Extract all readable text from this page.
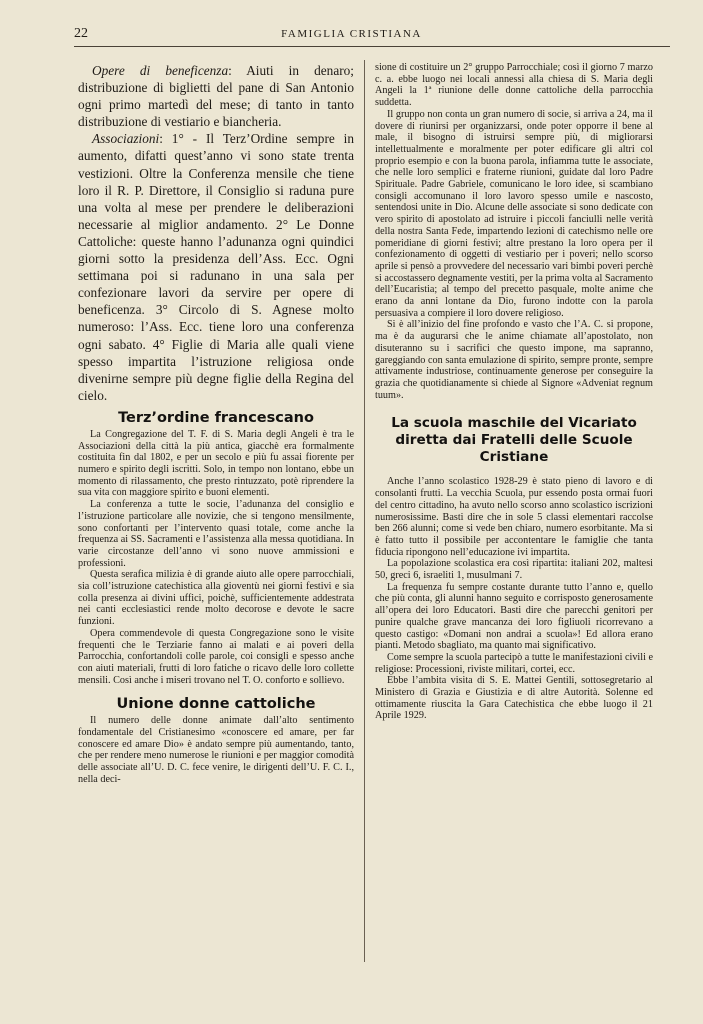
22	FAMIGLIA CRISTIANA

Opere di beneficenza: Aiuti in denaro; distribuzione di biglietti del pane di San Antonio ogni primo martedì del mese; di tanto in tanto distribuzione di vestiario e biancheria.

Associazioni: 1° - Il Terz’Ordine sempre in aumento, difatti quest’anno vi sono state trenta vestizioni. Oltre la Conferenza mensile che tiene loro il R. P. Direttore, il Consiglio si raduna pure una volta al mese per prendere le deliberazioni necessarie al miglior andamento. 2° Le Donne Cattoliche: queste hanno l’adunanza ogni quindici giorni sotto la presidenza dell’Ass. Ecc. Ogni settimana poi si radunano in una sala per confezionare lavori da servire per opere di beneficenza. 3° Circolo di S. Agnese molto numeroso: l’Ass. Ecc. tiene loro una conferenza ogni sabato. 4° Figlie di Maria alle quali viene spesso impartita l’istruzione religiosa onde divenirne sempre più degne figlie della Regina del cielo.

Terz’ordine francescano

La Congregazione del T. F. di S. Maria degli Angeli è tra le Associazioni della città la più antica, giacchè era formalmente costituita fin dal 1802, e per un secolo e più fu assai fiorente per numero e spirito degli iscritti. Solo, in tempo non lontano, ebbe un momento di rilassamento, che presto rintuzzato, potè riprendere la sua vita con maggiore spirito e buoni elementi.

La conferenza a tutte le socie, l’adunanza del consiglio e l’istruzione particolare alle novizie, che si tengono mensilmente, sono confortanti per l’intervento quasi totale, come anche la frequenza ai SS. Sacramenti e l’assistenza alla messa quotidiana. In varie circostanze dell’anno vi sono nuove ammissioni e professioni.

Questa serafica milizia è di grande aiuto alle opere parrocchiali, sia coll’istruzione catechistica alla gioventù nei giorni festivi e sia colla presenza ai divini uffici, poichè, sufficientemente addestrata nei canti ecclesiastici rende molto decorose e devote le sacre funzioni.

Opera commendevole di questa Congregazione sono le visite frequenti che le Terziarie fanno ai malati e ai poveri della Parrocchia, confortandoli colle parole, coi consigli e spesso anche con aiuti materiali, frutti di loro fatiche o ricavo delle loro collette mensili. Così anche i miseri trovano nel T. O. conforto e sollievo.

Unione donne cattoliche

Il numero delle donne animate dall’alto sentimento fondamentale del Cristianesimo «conoscere ed amare, per far conoscere ed amare Dio» è andato sempre più aumentando, tanto, che per rendere meno numerose le riunioni e per maggior comodità delle associate all’U. D. C. fece venire, le dirigenti dell’U. F. C. I., nella deci-

sione di costituire un 2° gruppo Parrocchiale; così il giorno 7 marzo c. a. ebbe luogo nei locali annessi alla chiesa di S. Maria degli Angeli la 1ª riunione delle donne cattoliche della parrocchia suddetta.

Il gruppo non conta un gran numero di socie, si arriva a 24, ma il dovere di riunirsi per organizzarsi, onde poter opporre il bene al male, il bisogno di istruirsi sempre più, di migliorarsi intellettualmente e moralmente per poter edificare gli altri col proprio esempio e con la buona parola, infiamma tutte le associate, che nelle loro semplici e fraterne riunioni, guidate dal loro Padre Spirituale. Padre Gabriele, comunicano le loro idee, si scambiano consigli accomunano il loro lavoro spesso umile e nascosto, sentendosi unite in Dio. Alcune delle associate si sono dedicate con vero spirito di apostolato ad istruire i piccoli fanciulli nelle verità della nostra Santa Fede, impartendo lezioni di catechismo nelle ore pomeridiane di giorni festivi; altre prestano la loro opera per il confezionamento di oggetti di vestiario per i poveri; nello scorso aprile si pensò a provvedere del necessario vari bimbi poveri perchè si accostassero degnamente vestiti, per la prima volta al Sacramento dell’Eucaristia; al tempo del precetto pasquale, molte anime che erano da anni lontane da Dio, furono indotte con la parola persuasiva a compiere il loro dovere religioso.

Si è all’inizio del fine profondo e vasto che l’A. C. si propone, ma è da augurarsi che le anime chiamate all’apostolato, non disuteranno su i sacrifici che questo impone, ma sapranno, gareggiando con santa emulazione di spirito, sempre pronte, sempre attivamente industriose, continuamente generose per conseguire la grazia che quotidianamente si chiede al Signore «Adveniat regnum tuum».

La scuola maschile del Vicariato diretta dai Fratelli delle Scuole Cristiane

Anche l’anno scolastico 1928-29 è stato pieno di lavoro e di consolanti frutti. La vecchia Scuola, pur essendo posta ormai fuori del centro cittadino, ha avuto nello scorso anno scolastico iscrizioni numerosissime. Basti dire che in sole 5 classi elementari raccolse ben 266 alunni; come si vede ben chiaro, numero esorbitante. Ma si è fatto tutto il possibile per accontentare le famiglie che tanta fiducia ripongono nell’educazione ivi impartita.

La popolazione scolastica era così ripartita: italiani 202, maltesi 50, greci 6, israeliti 1, musulmani 7.

La frequenza fu sempre costante durante tutto l’anno e, quello che più conta, gli alunni hanno seguito e corrisposto generosamente all’opera dei loro Educatori. Basti dire che parecchi genitori per punire qualche grave mancanza dei loro figliuoli ricorrevano a questo castigo: «Domani non andrai a scuola»! Ed allora erano pianti. Metodo sbagliato, ma quanto mai significativo.

Come sempre la scuola partecipò a tutte le manifestazioni civili e religiose: Processioni, riviste militari, cortei, ecc.

Ebbe l’ambita visita di S. E. Mattei Gentili, sottosegretario al Ministero di Grazia e Giustizia e di altre Autorità. Solenne ed ottimamente riuscita la Gara Catechistica che ebbe luogo il 21 Aprile 1929.
